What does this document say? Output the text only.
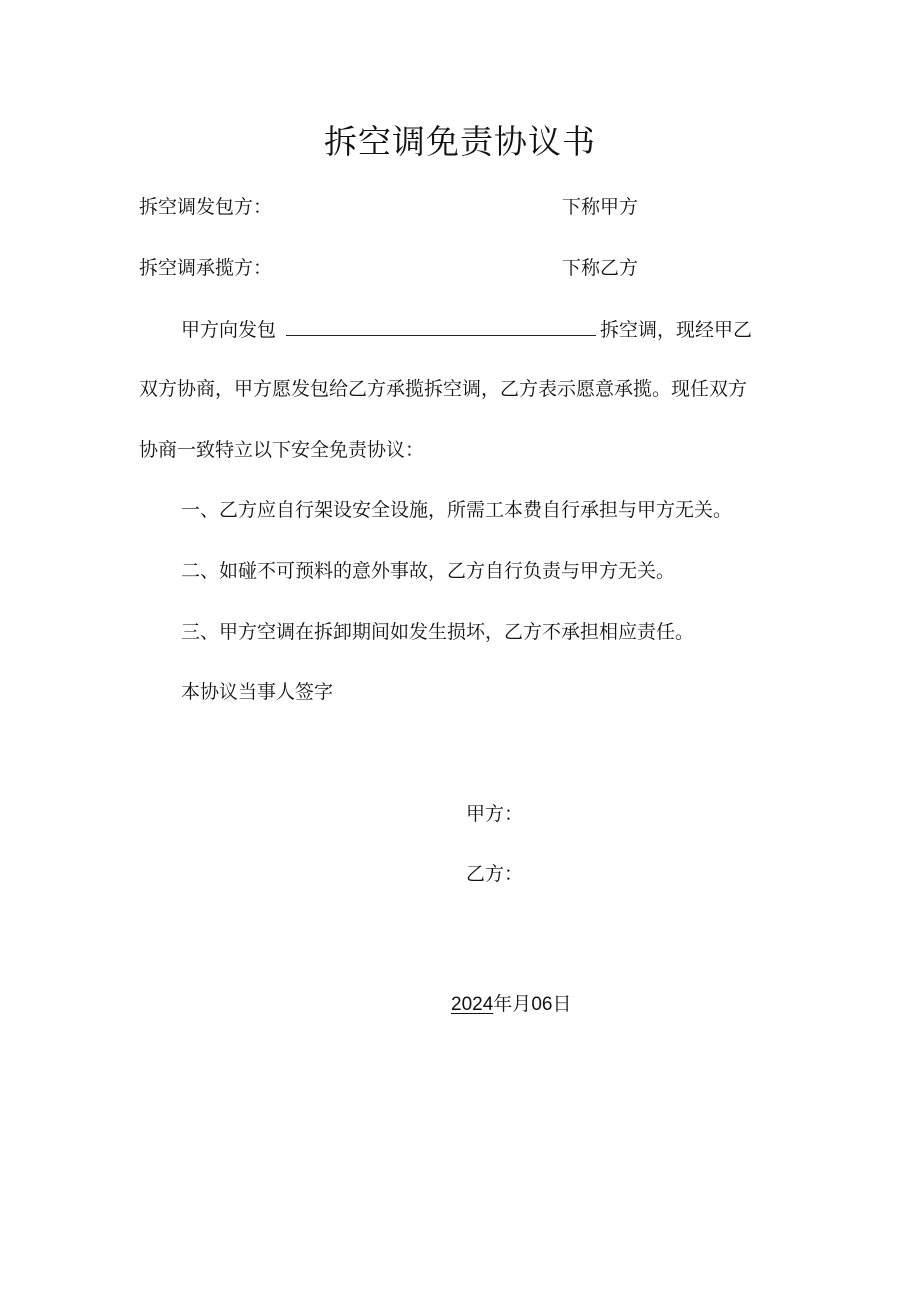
拆空调免责协议书
拆空调发包方：	下称甲方
拆空调承揽方：	下称乙方
甲方向发包	拆空调，现经甲乙
双方协商，甲方愿发包给乙方承揽拆空调，乙方表示愿意承揽。现任双方
协商一致特立以下安全免责协议：
一、乙方应自行架设安全设施，所需工本费自行承担与甲方无关。
二、如碰不可预料的意外事故，乙方自行负责与甲方无关。
三、甲方空调在拆卸期间如发生损坏，乙方不承担相应责任。
本协议当事人签字
甲方：
乙方：
2024年月06日
